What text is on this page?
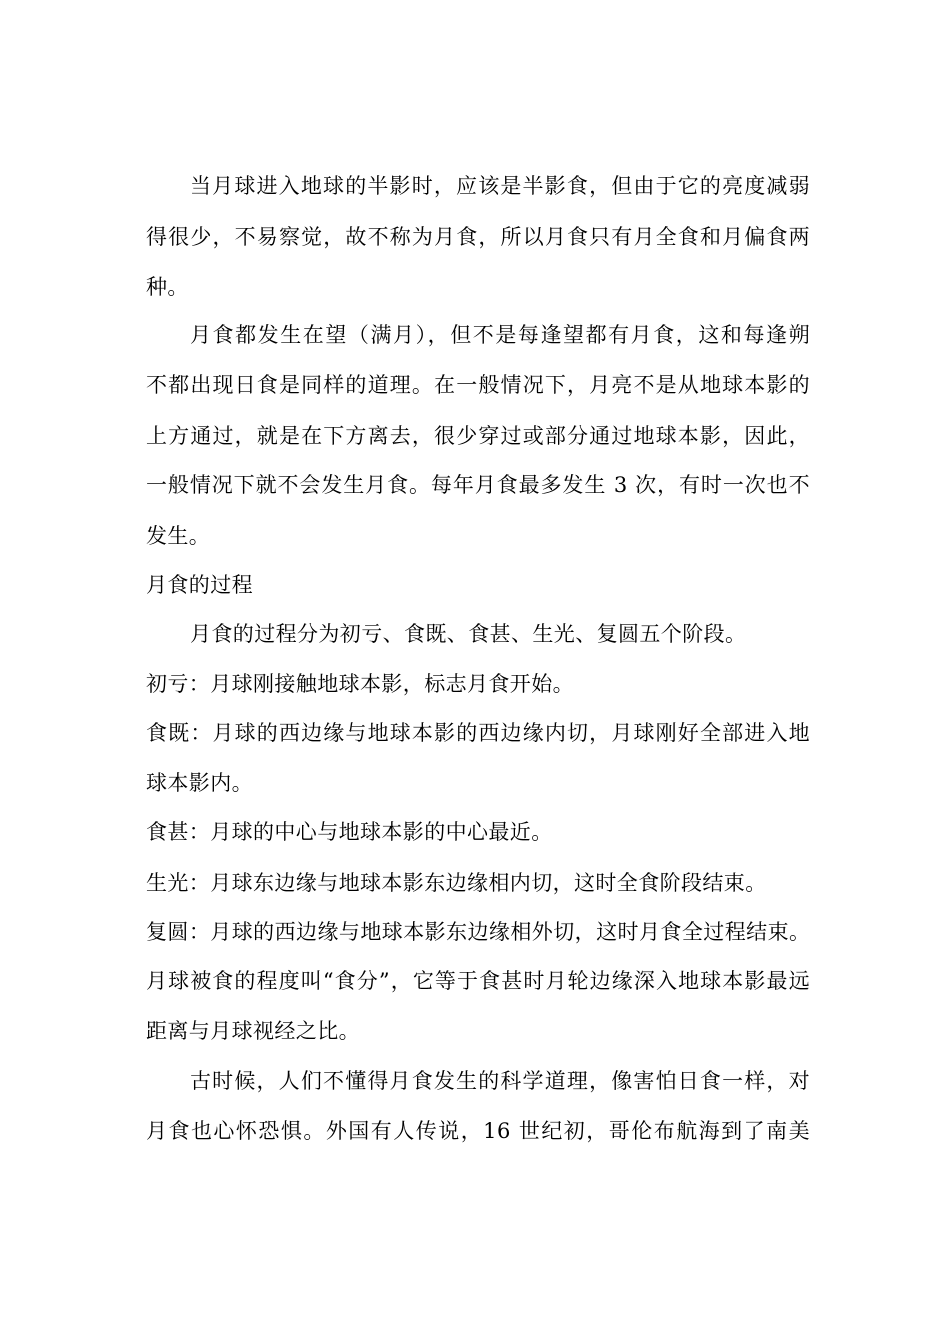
当月球进入地球的半影时，应该是半影食，但由于它的亮度减弱
得很少，不易察觉，故不称为月食，所以月食只有月全食和月偏食两
种。
月食都发生在望（满月），但不是每逢望都有月食，这和每逢朔
不都出现日食是同样的道理。在一般情况下，月亮不是从地球本影的
上方通过，就是在下方离去，很少穿过或部分通过地球本影，因此，
一般情况下就不会发生月食。每年月食最多发生 3 次，有时一次也不
发生。
月食的过程
月食的过程分为初亏、食既、食甚、生光、复圆五个阶段。
初亏：月球刚接触地球本影，标志月食开始。
食既：月球的西边缘与地球本影的西边缘内切，月球刚好全部进入地
球本影内。
食甚：月球的中心与地球本影的中心最近。
生光：月球东边缘与地球本影东边缘相内切，这时全食阶段结束。
复圆：月球的西边缘与地球本影东边缘相外切，这时月食全过程结束。
月球被食的程度叫“食分”，它等于食甚时月轮边缘深入地球本影最远
距离与月球视经之比。
古时候，人们不懂得月食发生的科学道理，像害怕日食一样，对
月食也心怀恐惧。外国有人传说，16 世纪初，哥伦布航海到了南美
